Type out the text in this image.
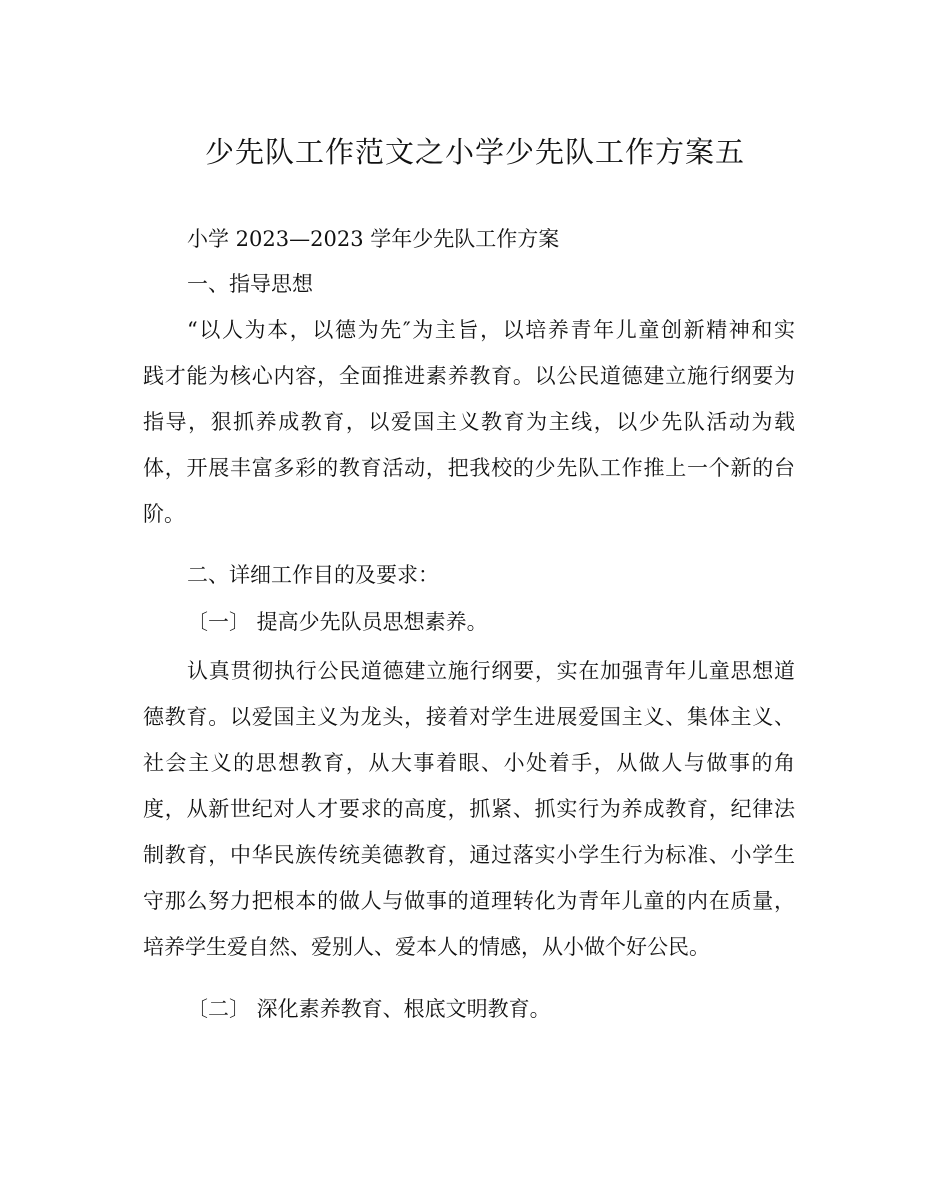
少先队工作范文之小学少先队工作方案五
小学 2023—2023 学年少先队工作方案
一、指导思想
“以人为本，以德为先″为主旨，以培养青年儿童创新精神和实
践才能为核心内容，全面推进素养教育。以公民道德建立施行纲要为
指导，狠抓养成教育，以爱国主义教育为主线，以少先队活动为载
体，开展丰富多彩的教育活动，把我校的少先队工作推上一个新的台
阶。
二、详细工作目的及要求：
〔一〕 提高少先队员思想素养。
认真贯彻执行公民道德建立施行纲要，实在加强青年儿童思想道
德教育。以爱国主义为龙头，接着对学生进展爱国主义、集体主义、
社会主义的思想教育，从大事着眼、小处着手，从做人与做事的角
度，从新世纪对人才要求的高度，抓紧、抓实行为养成教育，纪律法
制教育，中华民族传统美德教育，通过落实小学生行为标准、小学生
守那么努力把根本的做人与做事的道理转化为青年儿童的内在质量，
培养学生爱自然、爱别人、爱本人的情感，从小做个好公民。
〔二〕 深化素养教育、根底文明教育。
